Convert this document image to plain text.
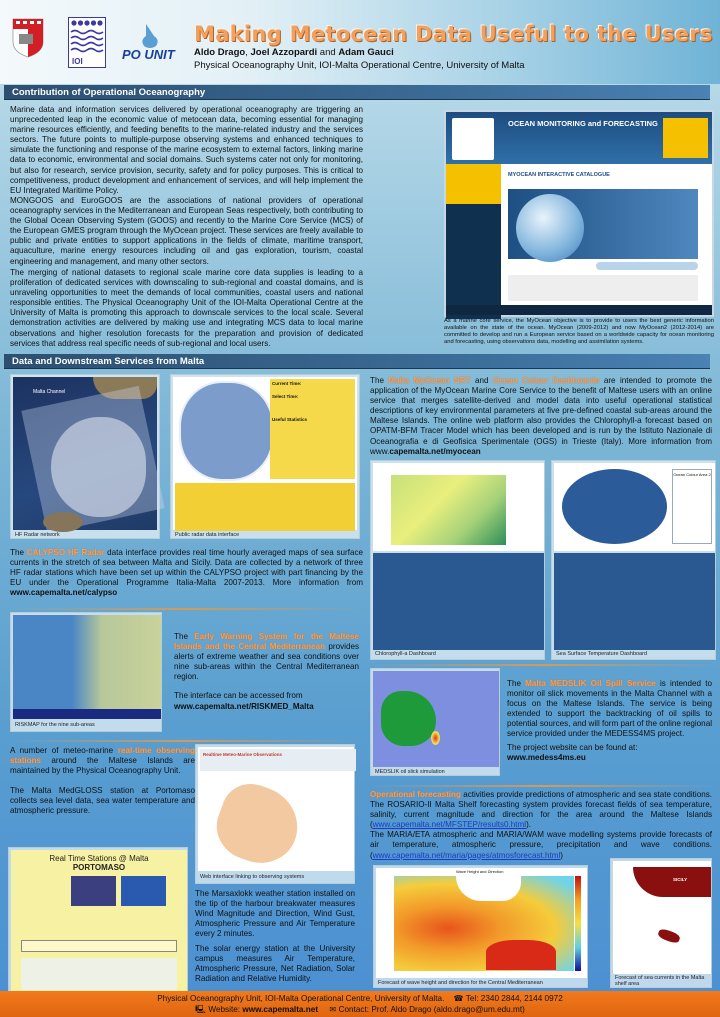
IOI	PO UNIT
Making Metocean Data Useful to the Users
Aldo Drago, Joel Azzopardi and Adam Gauci
Physical Oceanography Unit, IOI-Malta Operational Centre, University of Malta
Contribution of Operational Oceanography
Marine data and information services delivered by operational oceanography are triggering an unprecedented leap in the economic value of metocean data, becoming essential for managing marine resources efficiently, and feeding benefits to the marine-related industry and the services sectors. The future points to multiple-purpose observing systems and enhanced techniques to simulate the functioning and response of the marine ecosystem to external factors, linking marine data to economic, environmental and social domains. Such systems cater not only for monitoring, but also for research, service provision, security, safety and for policy purposes. This is critical to competitiveness, product development and enhancement of services, and will help implement the EU Integrated Maritime Policy.
MONGOOS and EuroGOOS are the associations of national providers of operational oceanography services in the Mediterranean and European Seas respectively, both contributing to the Global Ocean Observing System (GOOS) and recently to the Marine Core Service (MCS) of the European GMES program through the MyOcean project. These services are freely available to public and private entities to support applications in the fields of climate, maritime transport, aquaculture, marine energy resources including oil and gas exploration, tourism, coastal engineering and management, and many other sectors.
The merging of national datasets to regional scale marine core data supplies is leading to a proliferation of dedicated services with downscaling to sub-regional and coastal domains, and is unraveling opportunities to meet the demands of local communities, coastal users and national responsible entities. The Physical Oceanography Unit of the IOI-Malta Operational Centre at the University of Malta is promoting this approach to downscale services to the local scale. Several demonstration activities are delivered by making use and integrating MCS data to local marine observations and higher resolution forecasts for the preparation and provision of dedicated services that address real specific needs of sub-regional and local users.
OCEAN MONITORING and FORECASTING
MYOCEAN INTERACTIVE CATALOGUE
As a marine core service, the MyOcean objective is to provide to users the best generic information available on the state of the ocean. MyOcean (2009-2012) and now MyOcean2 (2012-2014) are committed to develop and run a European service based on a worldwide capacity for ocean monitoring and forecasting, using observations data, modelling and assimilation systems.
Data and Downstream Services from Malta
Malta Channel
HF Radar network
Current Time:
Select Time:
Useful Statistics
Public radar data interface
The CALYPSO HF Radar data interface provides real time hourly averaged maps of sea surface currents in the stretch of sea between Malta and Sicily. Data are collected by a network of three HF radar stations which have been set up within the CALYPSO project with part financing by the EU under the Operational Programme Italia-Malta 2007-2013. More information from www.capemalta.net/calypso
The Malta MyOcean NRT and Ocean Colour Dashboards are intended to promote the application of the MyOcean Marine Core Service to the benefit of Maltese users with an online service that merges satellite-derived and model data into useful operational statistical descriptions of key environmental parameters at five pre-defined coastal sub-areas around the Maltese Islands. The online web platform also provides the Chlorophyll-a forecast based on OPATM-BFM Tracer Model which has been developed and is run by the Istituto Nazionale di Oceanografia e di Geofisica Sperimentale (OGS) in Trieste (Italy). More information from www.capemalta.net/myocean
Chlorophyll-a Dashboard
Ocean Colour Area 2
Sea Surface Temperature Dashboard
RISKMAP for the nine sub-areas
The Early Warning System for the Maltese Islands and the Central Mediterranean provides alerts of extreme weather and sea conditions over nine sub-areas within the Central Mediterranean region.
The interface can be accessed from
www.capemalta.net/RISKMED_Malta
MEDSLIK oil slick simulation
The Malta MEDSLIK Oil Spill Service is intended to monitor oil slick movements in the Malta Channel with a focus on the Maltese Islands. The service is being extended to support the backtracking of oil spills to potential sources, and will form part of the online regional service provided under the MEDESS4MS project.
The project website can be found at:
www.medess4ms.eu
Operational forecasting activities provide predictions of atmospheric and sea state conditions. The ROSARIO-II Malta Shelf forecasting system provides forecast fields of sea temperature, salinity, current magnitude and direction for the area around the Maltese Islands (www.capemalta.net/MFSTEP/results0.html).
The MARIA/ETA atmospheric and MARIA/WAM wave modelling systems provide forecasts of air temperature, atmospheric pressure, precipitation and wave conditions. (www.capemalta.net/maria/pages/atmosforecast.html)
A number of meteo-marine real-time observing stations around the Maltese Islands are maintained by the Physical Oceanography Unit.
The Malta MedGLOSS station at Portomaso collects sea level data, sea water temperature and atmospheric pressure.
Realtime Meteo-Marine Observations
Web interface linking to observing systems
Real Time Stations @ Malta
PORTOMASO
The Marsaxlokk weather station installed on the tip of the harbour breakwater measures Wind Magnitude and Direction, Wind Gust, Atmospheric Pressure and Air Temperature every 2 minutes.
The solar energy station at the University campus measures Air Temperature, Atmospheric Pressure, Net Radiation, Solar Radiation and Relative Humidity.
Wave Height and Direction
Forecast of wave height and direction for the Central Mediterranean
SICILY
Forecast of sea currents in the Malta shelf area
Physical Oceanography Unit, IOI-Malta Operational Centre, University of Malta. ☎ Tel: 2340 2844, 2144 0972
🖳 Website: www.capemalta.net ✉ Contact: Prof. Aldo Drago (aldo.drago@um.edu.mt)
